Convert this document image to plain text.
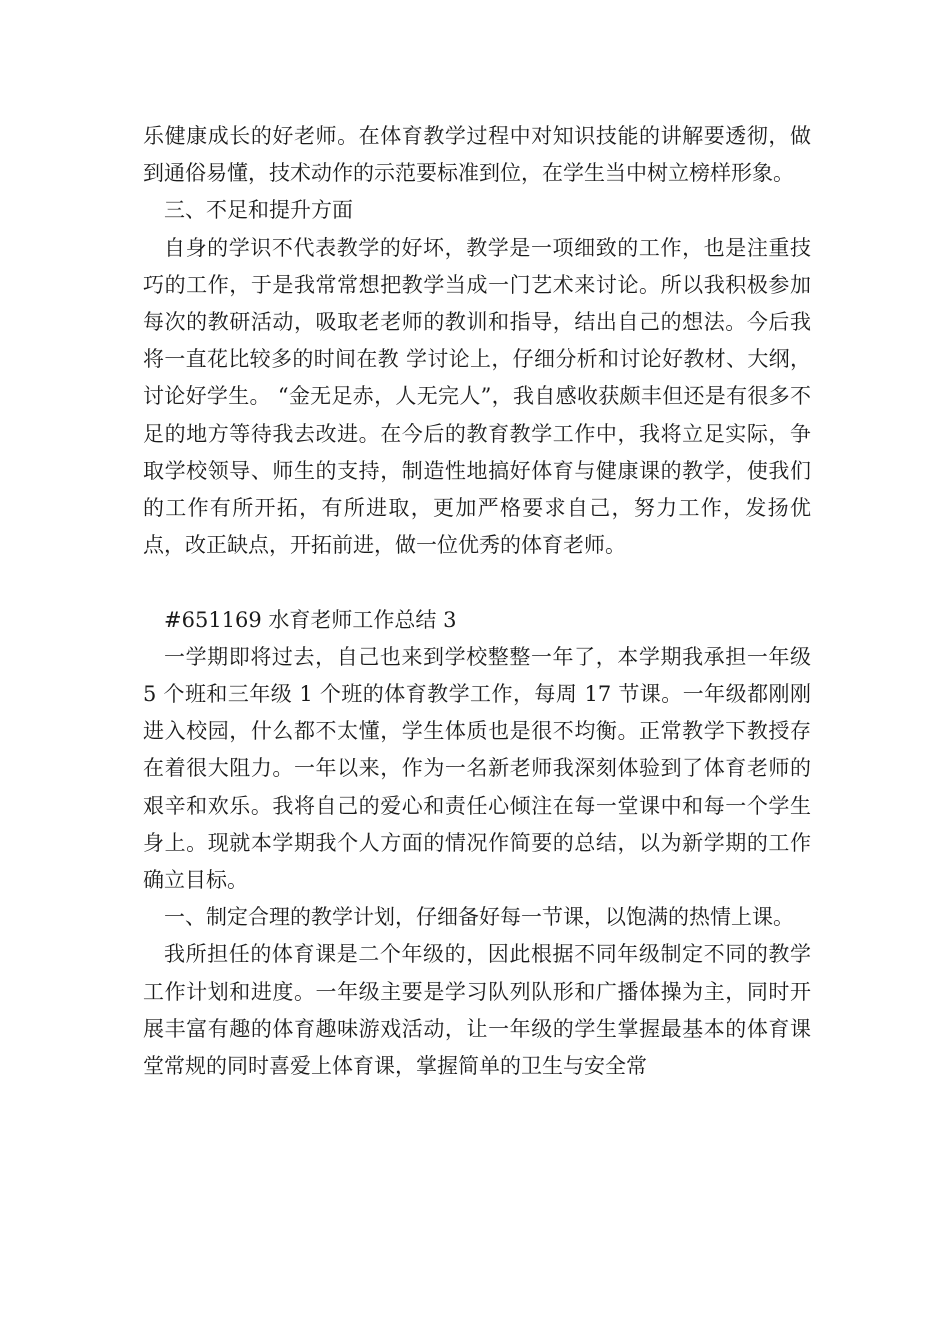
乐健康成长的好老师。在体育教学过程中对知识技能的讲解要透彻，做到通俗易懂，技术动作的示范要标准到位，在学生当中树立榜样形象。

三、不足和提升方面

自身的学识不代表教学的好坏，教学是一项细致的工作，也是注重技巧的工作，于是我常常想把教学当成一门艺术来讨论。所以我积极参加每次的教研活动，吸取老老师的教训和指导，结出自己的想法。今后我将一直花比较多的时间在教 学讨论上，仔细分析和讨论好教材、大纲，讨论好学生。 “金无足赤，人无完人”，我自感收获颇丰但还是有很多不足的地方等待我去改进。在今后的教育教学工作中，我将立足实际，争取学校领导、师生的支持，制造性地搞好体育与健康课的教学，使我们的工作有所开拓，有所进取，更加严格要求自己，努力工作，发扬优点，改正缺点，开拓前进，做一位优秀的体育老师。

#651169 水育老师工作总结 3

一学期即将过去，自己也来到学校整整一年了，本学期我承担一年级 5 个班和三年级 1 个班的体育教学工作，每周 17 节课。一年级都刚刚进入校园，什么都不太懂，学生体质也是很不均衡。正常教学下教授存在着很大阻力。一年以来，作为一名新老师我深刻体验到了体育老师的艰辛和欢乐。我将自己的爱心和责任心倾注在每一堂课中和每一个学生身上。现就本学期我个人方面的情况作简要的总结，以为新学期的工作确立目标。

一、制定合理的教学计划，仔细备好每一节课，以饱满的热情上课。

我所担任的体育课是二个年级的，因此根据不同年级制定不同的教学工作计划和进度。一年级主要是学习队列队形和广播体操为主，同时开展丰富有趣的体育趣味游戏活动，让一年级的学生掌握最基本的体育课堂常规的同时喜爱上体育课，掌握简单的卫生与安全常
